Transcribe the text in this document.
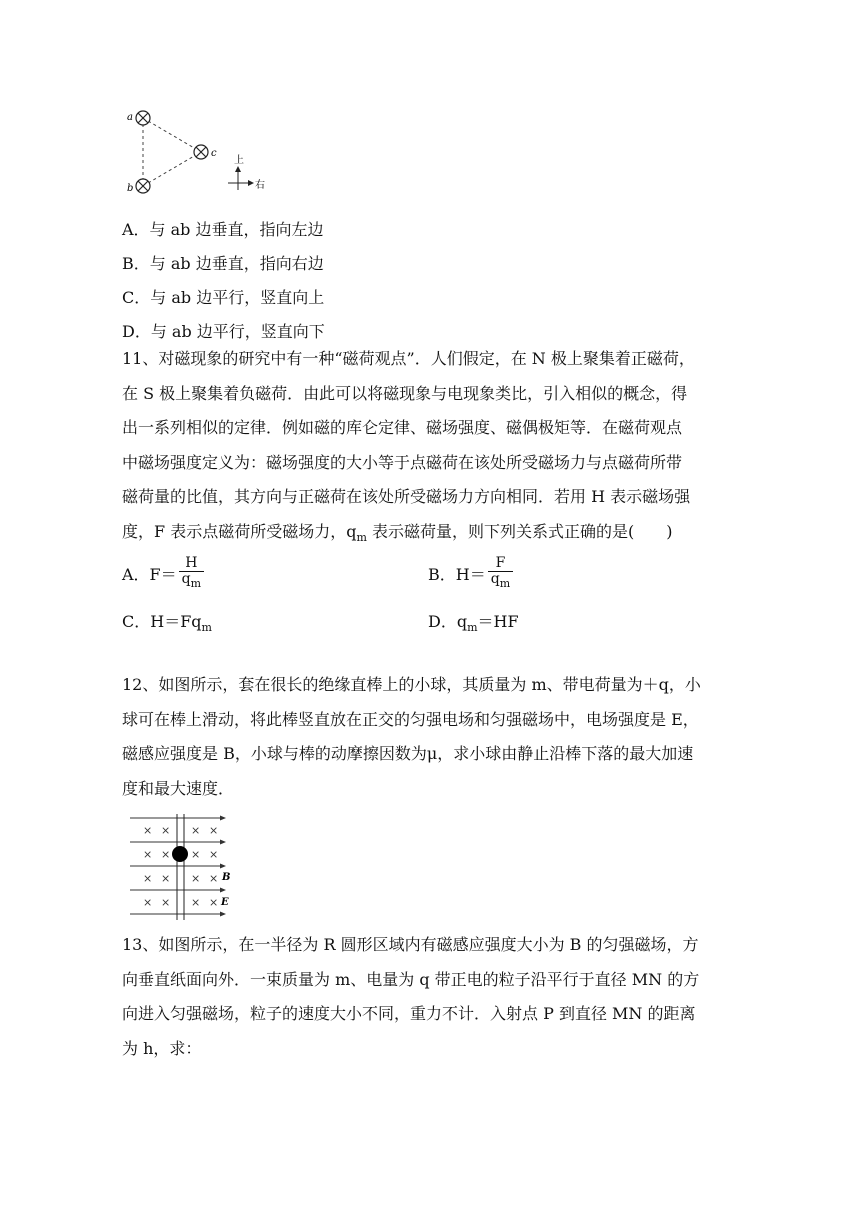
a
b
c
上
右
A．与 ab 边垂直，指向左边
B．与 ab 边垂直，指向右边
C．与 ab 边平行，竖直向上
D．与 ab 边平行，竖直向下
11、对磁现象的研究中有一种“磁荷观点”．人们假定，在 N 极上聚集着正磁荷，
在 S 极上聚集着负磁荷．由此可以将磁现象与电现象类比，引入相似的概念，得
出一系列相似的定律．例如磁的库仑定律、磁场强度、磁偶极矩等．在磁荷观点
中磁场强度定义为：磁场强度的大小等于点磁荷在该处所受磁场力与点磁荷所带
磁荷量的比值，其方向与正磁荷在该处所受磁场力方向相同．若用 H 表示磁场强
度，F 表示点磁荷所受磁场力，$q_m$ 表示磁荷量，则下列关系式正确的是(　　)
A．$F= \frac{H}{q_m}$	B．$H= \frac{F}{q_m}$
C．$H=Fq_m$	D．$q_m=HF$
12、如图所示，套在很长的绝缘直棒上的小球，其质量为 m、带电荷量为＋q，小
球可在棒上滑动，将此棒竖直放在正交的匀强电场和匀强磁场中，电场强度是 E，
磁感应强度是 B，小球与棒的动摩擦因数为μ，求小球由静止沿棒下落的最大加速
度和最大速度．
× × × ×
× × × ×
× × × ×
× × × ×
B
E
13、如图所示，在一半径为 R 圆形区域内有磁感应强度大小为 B 的匀强磁场，方
向垂直纸面向外．一束质量为 m、电量为 q 带正电的粒子沿平行于直径 MN 的方
向进入匀强磁场，粒子的速度大小不同，重力不计．入射点 P 到直径 MN 的距离
为 h，求：
